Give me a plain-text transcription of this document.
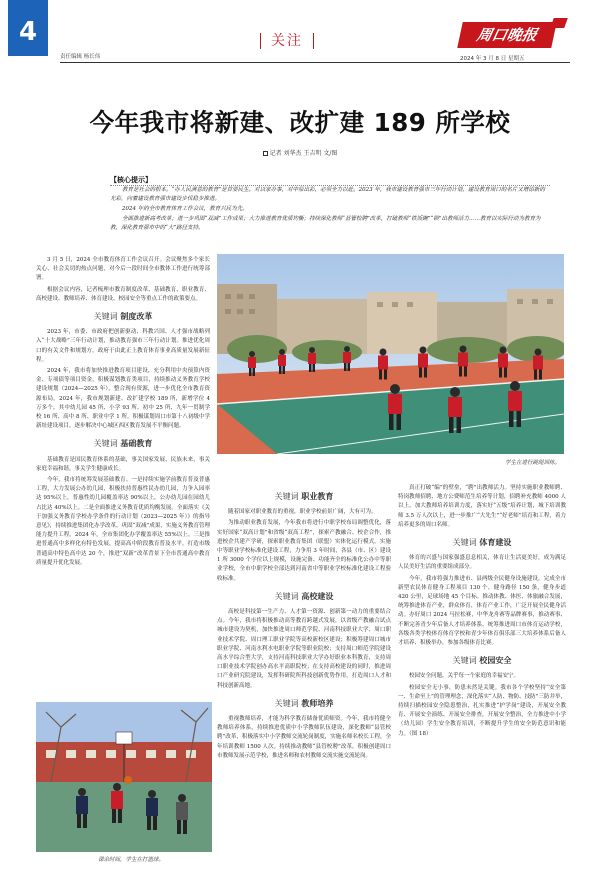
4
责任编辑 杨长伟
关注	周口晚报
2024 年 3 月 8 日 星期五
今年我市将新建、改扩建 189 所学校
记者 刘华杰 王吉明 文/图
【核心提示】

教育是社会的根本。“办人民满意的教育”是首要民生。对以家办事，对中原出彩，必须全力以赴。2023 年，我市建设教育强市三年行动计划，建设教育周口的名片又增添新的光彩，向着建设教育强市建设步伐稳步推进。

2024 年的全市教育体育工作会议，教育兴民为先。

全面推进新高考改革；进一步巩固“双减”工作成果；大力推进教育优质均衡；持续深化教师“县管校聘”改革，打破教师“铁饭碗”“锁”出教师活力……教育以实际行动为教育为教，深化教育强市中的“大”路径支持。

3 月 5 日，2024 全市教育体育工作会议召开。会议聚焦多个家长关心、社会关切的热点问题，对今后一段时间全市教体工作进行统筹部署。

根据会议内容，记者梳理市教育制度改革、基础教育、职业教育、高校建设、教师培养、体育建设、校园安全等重点工作的政策要点。

关键词 制度改革

2023 年，市委、市政府把创新驱动、科教兴国、人才强市战略列入“十大战略”三年行动计划，推动教育强市三年行动计划。推进优化周口的有关文件和规划方，政府于由此正上教育体育事业高质量发展新征程。

2024 年，我市将加快推进教育项目建设，充分利用中央预算内资金、专项债等项目资金，积极谋划教育类项目，持续推动义务教育学校建设规划（2024—2025 年），整合现有资源，进一步优化全市教育资源布局。2024 年，我市规划新建、改扩建学校 189 所，新增学位 4 万多个。其中幼儿园 45 所、小学 93 所、初中 25 所、九年一贯制学校 16 所、高中 8 所、职业中学 1 所。积极谋划周口市第十八初级中学新址建设项目，逐步解决中心城区西区教育发展不平衡问题。

关键词 基础教育

基础教育是国民教育体系的基础，事关国家发展、民族未来，事关家庭幸福和谐，事关学生健康成长。

今年，我市将统筹发展基础教育。一是持续实施学前教育普及普惠工程，大力发展公办幼儿园，积极扶持普惠性民办幼儿园，力争入园率达 95%以上，普惠性幼儿园覆盖率达 90%以上，公办幼儿园在园幼儿占比达 40%以上。二是全面推进义务教育优质均衡发展。全面落实《关于加强义务教育学校办学条件的行动计划（2023—2025 年）》的指导意见》，持续推进集团化办学改革，巩固“双减”成果，实施义务教育管理能力提升工程。2024 年，全市集团化办学覆盖率达 55%以上。三是推进普通高中多样化有特色发展，提高高中阶段教育普及水平。打造市级普通高中特色高中达 20 个，推进“双新”改革背景下全市普通高中教育质量提升优化发展。

关键词 职业教育

随着国家对职业教育的重视，职业学校前景广阔，大有可为。

为推动职业教育发展，今年我市将进行中职学校布局调整优化，落实好国家“双高计划”和省级“双高工程”，探索产教融合、校企合作，推进校企共建产学研，探索职业教育集团（联盟）实体化运行模式。实施中等职业学校标准化建设工程，力争用 3 年时间，各县（市、区）建设 1 所 3000 个学位以上规模，设施完备、功能齐全的标准化公办中等职业学校，全市中职学校全部达到河南省中等职业学校标准化建设工程验收标准。

关键词 高校建设

高校是科技第一生产力、人才第一资源、创新第一动力的重要结合点。今年，我市将积极推动高等教育跨越式发展，以省级产教融合试点城市建设为契机，加快推进周口师范学院、河南科技职业大学、周口职业技术学院、周口理工职业学院等高校新校区建设；积极筹建周口城市职业学院、河南水利水电职业学院等职业院校；支持周口师范学院建设高水平综合型大学，支持河南科技职业大学办好职业本科教育，支持周口职业技术学院创办高水平高职院校；在支持高校建设的同时，推进周口产业研究院建设，发挥科研院所科技创新优势作用，打造周口人才和科技创新高地。

关键词 教师培养

重视教师培养，才能为科学教育储备优质师资。今年，我市将健全教师培养体系，持续推进优质中小学教师队伍建设，深化教师“县管校聘”改革，积极落实中小学教师交流轮岗制度，实施名师名校长工程，全年培训教师 1500 人次。持续推动教师“县管校聘”改革，积极创建周口市教师发展示范学校，推进名师和农村教师交流实施交流轮岗。

真正打破“编”的壁垒，“聘”出教师活力。坚持实施职业教师聘、特岗教师招聘、地方公费师范生培养等计划，招聘补充教师 4000 人以上。加大教师培养培训力度，落实好“五级”培养计划，城下培训教师 3.5 万人次以上，进一步推广“大先生”“好老师”培育和工程，着力培养更多的周口名师。

关键词 体育建设

体育的兴盛与国家强盛息息相关，体育让生活更美好，成为满足人民美好生活的重要组成部分。

今年，我市将强力推进市、县两级全民健身设施建设，完成全市新型农民体育健身工程项目 130 个，健身路径 150 条，健身步道 420 公里，足球场地 45 个目标。推动体教、体医、体旅融合发展，统筹推进体育产业，群众体育，体育产业工作，广泛开展全民健身活动。办好周口 2024 马拉松赛，中华龙舟赛等品牌赛事，推动赛事、不断完善青少年后备人才培养体系。统筹推进周口市体育运动学校，各级各类学校体育体育学校和青少年体育俱乐部三大培养体系后备人才培养、积极举办，参加各级体育比赛。

关键词 校园安全

校园安全问题，关乎每一个家庭的幸福安宁。

校园安全无小事，防患未然是关键。我市各个学校坚持“安全第一、生命至上”的管理理念，深化落实“人防、物防、技防”三防并举，持续扫描校园安全隐患整治，扎实推进“护学岗”建设，开展安全教育、开展安全演练、开展安全排查，开展安全整治，全力推进中小学（幼儿园）学生安全教育培训，不断提升学生的安全防范意识和能力。（图 18）

学生在进行跳绳训练。
课余时间，学生在打篮球。
